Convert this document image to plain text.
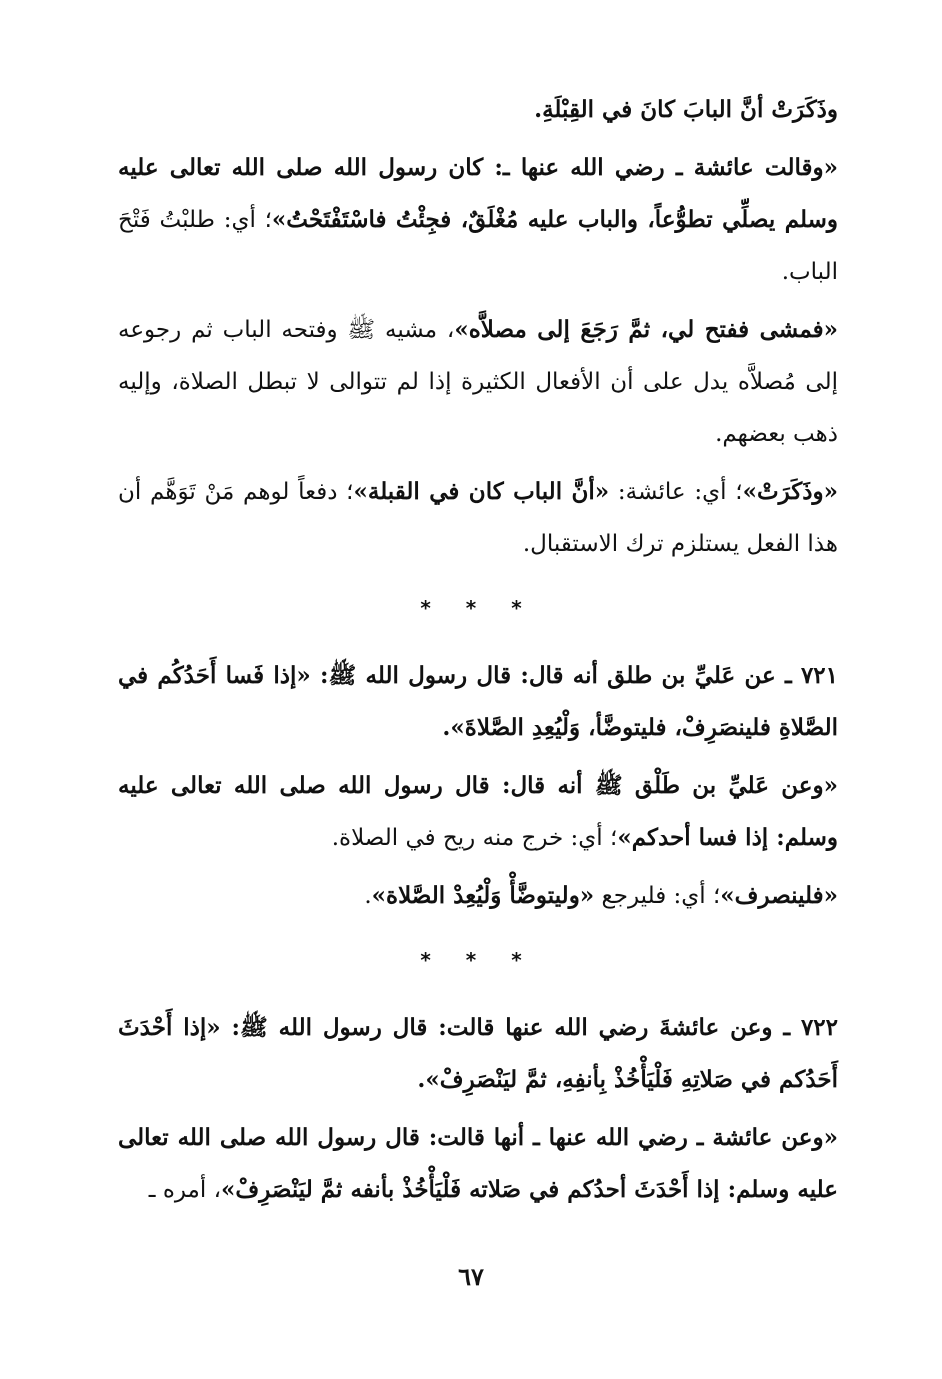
وذَكَرَتْ أنَّ البابَ كانَ في القِبْلَةِ.

«وقالت عائشة ـ رضي الله عنها ـ: كان رسول الله صلى الله تعالى عليه وسلم يصلِّي تطوُّعاً، والباب عليه مُغْلَقٌ، فجِئْتُ فاسْتَفْتَحْتُ»؛ أي: طلبْتُ فَتْحَ الباب.

«فمشى ففتح لي، ثمَّ رَجَعَ إلى مصلاَّه»، مشيه ﷺ وفتحه الباب ثم رجوعه إلى مُصلاَّه يدل على أن الأفعال الكثيرة إذا لم تتوالى لا تبطل الصلاة، وإليه ذهب بعضهم.

«وذَكَرَتْ»؛ أي: عائشة: «أنَّ الباب كان في القبلة»؛ دفعاً لوهم مَنْ تَوَهَّم أن هذا الفعل يستلزم ترك الاستقبال.

* * *

٧٢١ ـ عن عَليِّ بن طلق أنه قال: قال رسول الله ﷺ: «إذا فَسا أَحَدُكُم في الصَّلاةِ فلينصَرِفْ، فليتوضَّأ، وَلْيُعِدِ الصَّلاةَ».

«وعن عَليِّ بن طَلْق ﷺ أنه قال: قال رسول الله صلى الله تعالى عليه وسلم: إذا فسا أحدكم»؛ أي: خرج منه ريح في الصلاة.

«فلينصرف»؛ أي: فليرجع «وليتوضَّأْ وَلْيُعِدْ الصَّلاة».

* * *

٧٢٢ ـ وعن عائشةَ رضي الله عنها قالت: قال رسول الله ﷺ: «إذا أَحْدَثَ أَحَدُكم في صَلاتِهِ فَلْيَأْخُذْ بِأنفِهِ، ثمَّ ليَنْصَرِفْ».

«وعن عائشة ـ رضي الله عنها ـ أنها قالت: قال رسول الله صلى الله تعالى عليه وسلم: إذا أَحْدَثَ أحدُكم في صَلاته فَلْيَأْخُذْ بأنفه ثمَّ ليَنْصَرِفْ»، أمره ـ

٦٧
